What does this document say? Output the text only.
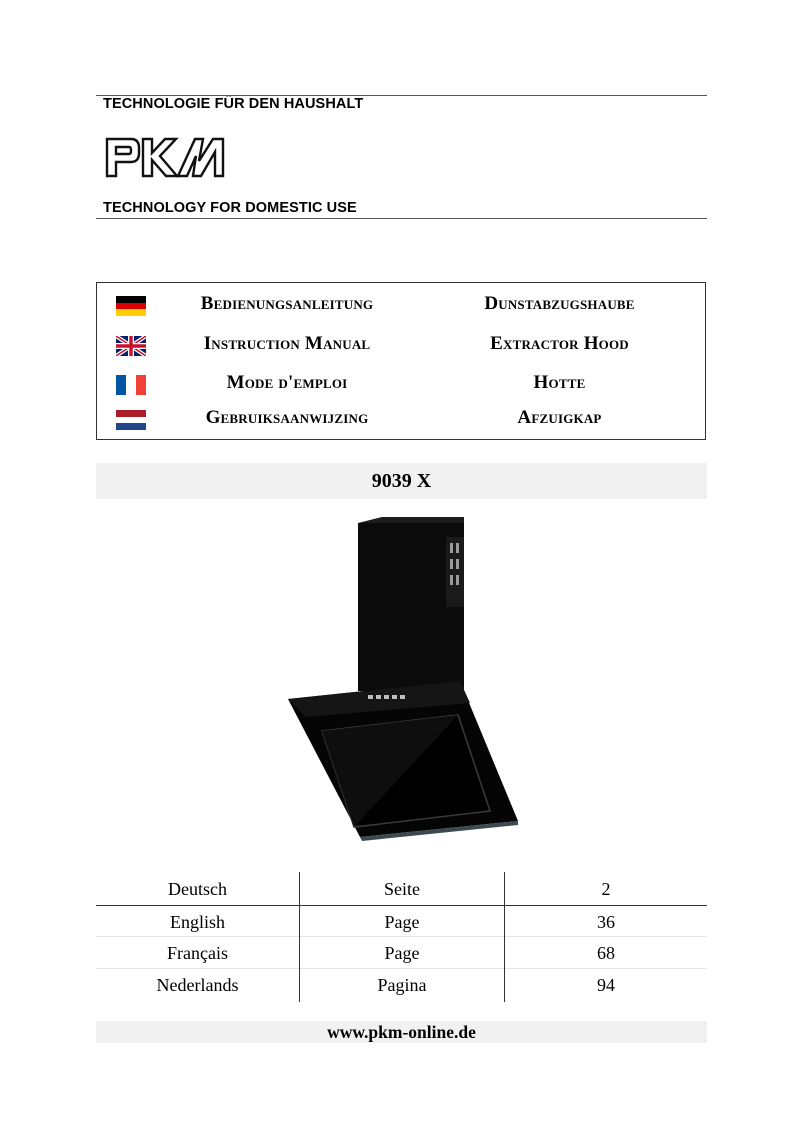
TECHNOLOGIE FÜR DEN HAUSHALT
TECHNOLOGY FOR DOMESTIC USE
Bedienungsanleitung	Dunstabzugshaube
Instruction Manual	Extractor Hood
Mode d'emploi	Hotte
Gebruiksaanwijzing	Afzuigkap
9039 X
Deutsch	Seite	2
English	Page	36
Français	Page	68
Nederlands	Pagina	94
www.pkm-online.de
